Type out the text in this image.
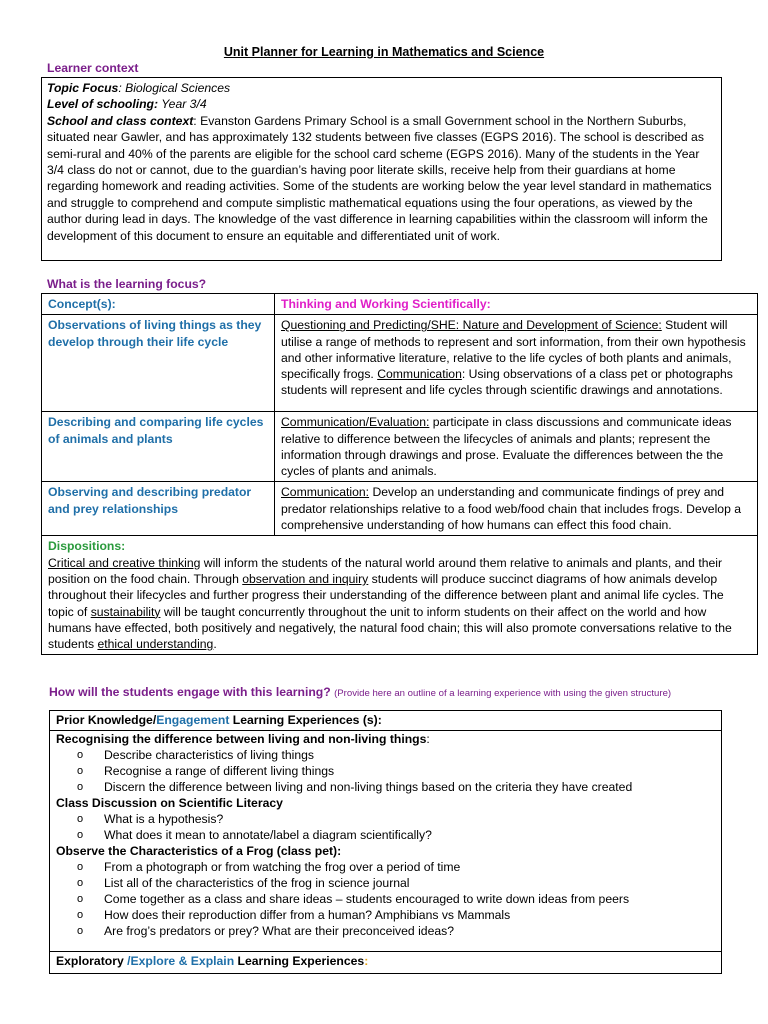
Unit Planner for Learning in Mathematics and Science
Learner context

Topic Focus: Biological Sciences

Level of schooling: Year 3/4

School and class context: Evanston Gardens Primary School is a small Government school in the Northern Suburbs, situated near Gawler, and has approximately 132 students between five classes (EGPS 2016). The school is described as semi-rural and 40% of the parents are eligible for the school card scheme (EGPS 2016). Many of the students in the Year 3/4 class do not or cannot, due to the guardian’s having poor literate skills, receive help from their guardians at home regarding homework and reading activities. Some of the students are working below the year level standard in mathematics and struggle to comprehend and compute simplistic mathematical equations using the four operations, as viewed by the author during lead in days. The knowledge of the vast difference in learning capabilities within the classroom will inform the development of this document to ensure an equitable and differentiated unit of work.

What is the learning focus?
Concept(s):	Thinking and Working Scientifically:
Observations of living things as they develop through their life cycle	Questioning and Predicting/SHE: Nature and Development of Science: Student will utilise a range of methods to represent and sort information, from their own hypothesis and other informative literature, relative to the life cycles of both plants and animals, specifically frogs. Communication: Using observations of a class pet or photographs students will represent and life cycles through scientific drawings and annotations.
Describing and comparing life cycles of animals and plants	Communication/Evaluation: participate in class discussions and communicate ideas relative to difference between the lifecycles of animals and plants; represent the information through drawings and prose. Evaluate the differences between the the cycles of plants and animals.
Observing and describing predator and prey relationships	Communication: Develop an understanding and communicate findings of prey and predator relationships relative to a food web/food chain that includes frogs. Develop a comprehensive understanding of how humans can effect this food chain.

Dispositions:
Critical and creative thinking will inform the students of the natural world around them relative to animals and plants, and their position on the food chain. Through observation and inquiry students will produce succinct diagrams of how animals develop throughout their lifecycles and further progress their understanding of the difference between plant and animal life cycles. The topic of sustainability will be taught concurrently throughout the unit to inform students on their affect on the world and how humans have effected, both positively and negatively, the natural food chain; this will also promote conversations relative to the students ethical understanding.	
How will the students engage with this learning? (Provide here an outline of a learning experience with using the given structure)
Prior Knowledge/Engagement Learning Experiences (s):
Recognising the difference between living and non-living things:
o Describe characteristics of living things
o Recognise a range of different living things
o Discern the difference between living and non-living things based on the criteria they have created
Class Discussion on Scientific Literacy
o What is a hypothesis?
o What does it mean to annotate/label a diagram scientifically?
Observe the Characteristics of a Frog (class pet):
o From a photograph or from watching the frog over a period of time
o List all of the characteristics of the frog in science journal
o Come together as a class and share ideas – students encouraged to write down ideas from peers
o How does their reproduction differ from a human? Amphibians vs Mammals
o Are frog’s predators or prey? What are their preconceived ideas?
Exploratory /Explore & Explain Learning Experiences:
